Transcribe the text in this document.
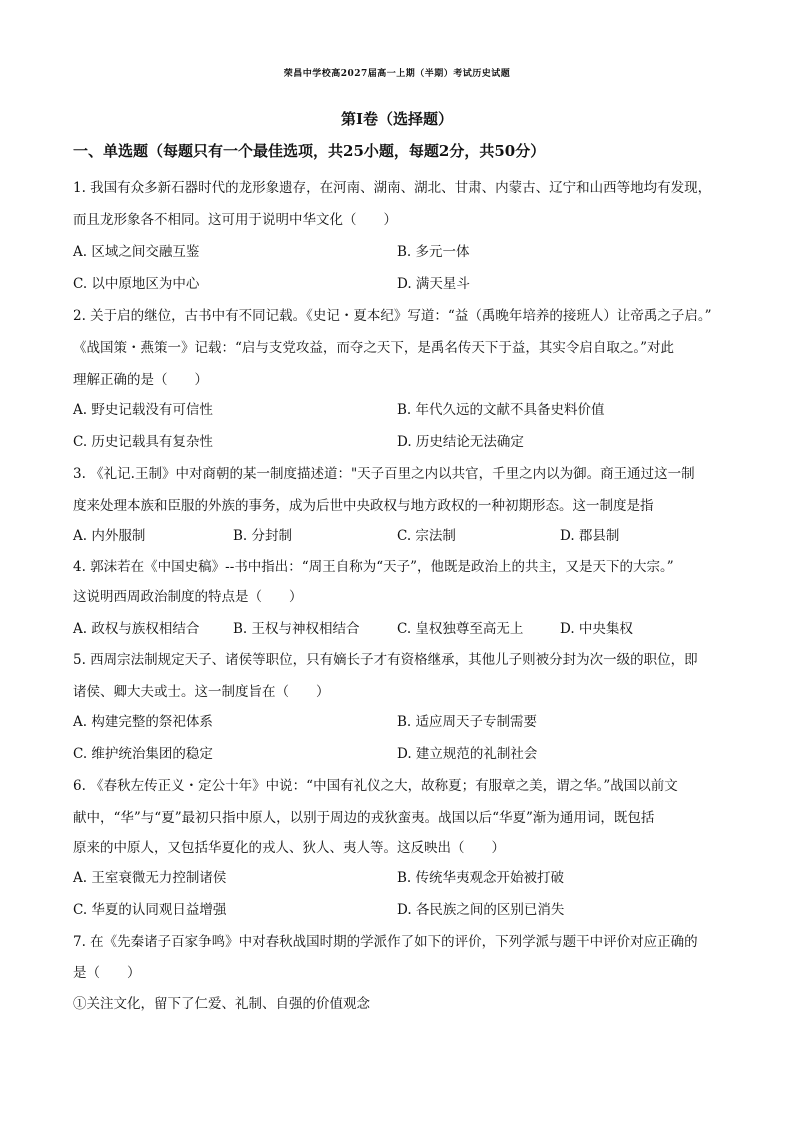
荣昌中学校高2027届高一上期（半期）考试历史试题
第Ⅰ卷（选择题）
一、单选题（每题只有一个最佳选项，共25小题，每题2分，共50分）
1. 我国有众多新石器时代的龙形象遗存，在河南、湖南、湖北、甘肃、内蒙古、辽宁和山西等地均有发现，
而且龙形象各不相同。这可用于说明中华文化（　　）
A. 区域之间交融互鉴	B. 多元一体
C. 以中原地区为中心	D. 满天星斗
2. 关于启的继位，古书中有不同记载。《史记・夏本纪》写道：“益（禹晚年培养的接班人）让帝禹之子启。”
《战国策・燕策一》记载：“启与支党攻益，而夺之天下，是禹名传天下于益，其实令启自取之。”对此
理解正确的是（　　）
A. 野史记载没有可信性	B. 年代久远的文献不具备史料价值
C. 历史记载具有复杂性	D. 历史结论无法确定
3. 《礼记.王制》中对商朝的某一制度描述道："天子百里之内以共官，千里之内以为御。商王通过这一制
度来处理本族和臣服的外族的事务，成为后世中央政权与地方政权的一种初期形态。这一制度是指
A. 内外服制	B. 分封制	C. 宗法制	D. 郡县制
4. 郭沫若在《中国史稿》--书中指出：“周王自称为“天子”，他既是政治上的共主，又是天下的大宗。”
这说明西周政治制度的特点是（　　）
A. 政权与族权相结合 B. 王权与神权相结合	C. 皇权独尊至高无上	D. 中央集权
5. 西周宗法制规定天子、诸侯等职位，只有嫡长子才有资格继承，其他儿子则被分封为次一级的职位，即
诸侯、卿大夫或士。这一制度旨在（　　）
A. 构建完整的祭祀体系	B. 适应周天子专制需要
C. 维护统治集团的稳定	D. 建立规范的礼制社会
6. 《春秋左传正义・定公十年》中说：“中国有礼仪之大，故称夏；有服章之美，谓之华。”战国以前文
献中，“华”与“夏”最初只指中原人，以别于周边的戎狄蛮夷。战国以后“华夏”渐为通用词，既包括
原来的中原人，又包括华夏化的戎人、狄人、夷人等。这反映出（　　）
A. 王室衰微无力控制诸侯	B. 传统华夷观念开始被打破
C. 华夏的认同观日益增强	D. 各民族之间的区别已消失
7. 在《先秦诸子百家争鸣》中对春秋战国时期的学派作了如下的评价，下列学派与题干中评价对应正确的
是（　　）
①关注文化，留下了仁爱、礼制、自强的价值观念
